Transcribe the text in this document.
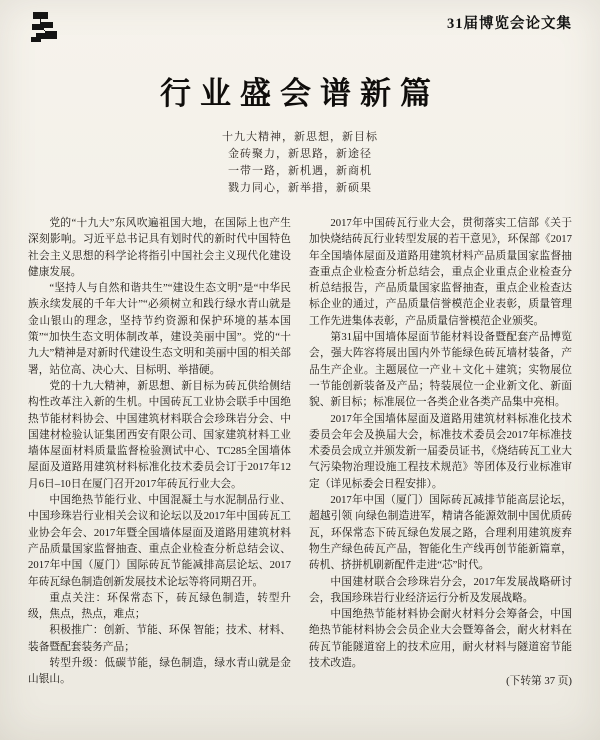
31届博览会论文集
行业盛会谱新篇
十九大精神，新思想，新目标
金砖聚力，新思路，新途径
一带一路，新机遇，新商机
戮力同心，新举措，新硕果

党的“十九大”东风吹遍祖国大地，在国际上也产生深刻影响。习近平总书记具有划时代的新时代中国特色社会主义思想的科学论将指引中国社会主义现代化建设健康发展。

“坚持人与自然和谐共生”“建设生态文明”是“中华民族永续发展的千年大计”“必须树立和践行绿水青山就是金山银山的理念，坚持节约资源和保护环境的基本国策”“加快生态文明体制改革，建设美丽中国”。党的“十九大”精神是对新时代建设生态文明和美丽中国的相关部署，站位高、决心大、目标明、举措硬。

党的十九大精神，新思想、新目标为砖瓦供给侧结构性改革注入新的生机。中国砖瓦工业协会联手中国绝热节能材料协会、中国建筑材料联合会珍珠岩分会、中国建材检验认证集团西安有限公司、国家建筑材料工业墙体屋面材料质量监督检验测试中心、TC285全国墙体屋面及道路用建筑材料标准化技术委员会订于2017年12月6日–10日在厦门召开2017年砖瓦行业大会。

中国绝热节能行业、中国混凝土与水泥制品行业、中国珍珠岩行业相关会议和论坛以及2017年中国砖瓦工业协会年会、2017年暨全国墙体屋面及道路用建筑材料产品质量国家监督抽查、重点企业检查分析总结会议、2017年中国（厦门）国际砖瓦节能减排高层论坛、2017年砖瓦绿色制造创新发展技术论坛等将同期召开。

重点关注：环保常态下，砖瓦绿色制造，转型升级，焦点，热点，难点；

积极推广：创新、节能、环保 智能；技术、材料、装备暨配套装务产品；

转型升级：低碳节能，绿色制造，绿水青山就是金山银山。

2017年中国砖瓦行业大会，贯彻落实工信部《关于加快烧结砖瓦行业转型发展的若干意见》，环保部《2017年全国墙体屋面及道路用建筑材料产品质量国家监督抽查重点企业检查分析总结会，重点企业重点企业检查分析总结报告，产品质量国家监督抽查，重点企业检查达标企业的通过，产品质量信誉模范企业表彰，质量管理工作先进集体表彰，产品质量信誉模范企业颁奖。

第31届中国墙体屋面节能材料设备暨配套产品博览会，强大阵容将展出国内外节能绿色砖瓦墙材装备，产品生产企业。主题展位一产业＋文化＋建筑；实物展位一节能创新装备及产品；特装展位一企业新文化、新面貌、新目标；标准展位一各类企业各类产品集中亮相。

2017年全国墙体屋面及道路用建筑材料标准化技术委员会年会及换届大会，标准技术委员会2017年标准技术委员会成立并颁发新一届委员证书，《烧结砖瓦工业大气污染物治理设施工程技术规范》等团体及行业标准审定（详见标委会日程安排）。

2017年中国（厦门）国际砖瓦减排节能高层论坛，超越引领 向绿色制造进军，精请各能源效制中国优质砖瓦，环保常态下砖瓦绿色发展之路，合理利用建筑废弃物生产绿色砖瓦产品，智能化生产线再创节能新篇章，砖机、挤拼机刷新配件走进“芯”时代。

中国建材联合会珍珠岩分会，2017年发展战略研讨会，我国珍珠岩行业经济运行分析及发展战略。

中国绝热节能材料协会耐火材料分会筹备会，中国绝热节能材料协会会员企业大会暨筹备会，耐火材料在砖瓦节能隧道窑上的技术应用，耐火材料与隧道窑节能技术改造。

(下转第 37 页)
